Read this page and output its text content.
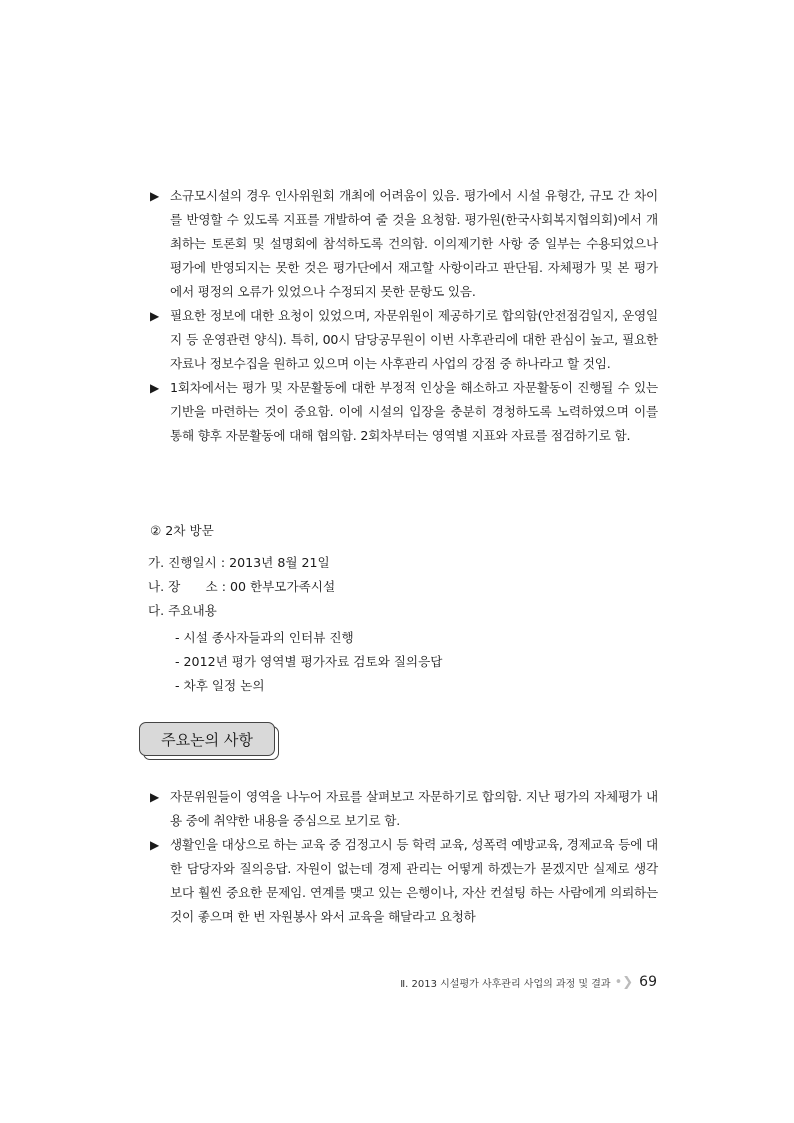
▶ 소규모시설의 경우 인사위원회 개최에 어려움이 있음. 평가에서 시설 유형간, 규모 간 차이를 반영할 수 있도록 지표를 개발하여 줄 것을 요청함. 평가원(한국사회복지협의회)에서 개최하는 토론회 및 설명회에 참석하도록 건의함. 이의제기한 사항 중 일부는 수용되었으나 평가에 반영되지는 못한 것은 평가단에서 재고할 사항이라고 판단됨. 자체평가 및 본 평가에서 평정의 오류가 있었으나 수정되지 못한 문항도 있음.
▶ 필요한 정보에 대한 요청이 있었으며, 자문위원이 제공하기로 합의함(안전점검일지, 운영일지 등 운영관련 양식). 특히, 00시 담당공무원이 이번 사후관리에 대한 관심이 높고, 필요한 자료나 정보수집을 원하고 있으며 이는 사후관리 사업의 강점 중 하나라고 할 것임.
▶ 1회차에서는 평가 및 자문활동에 대한 부정적 인상을 해소하고 자문활동이 진행될 수 있는 기반을 마련하는 것이 중요함. 이에 시설의 입장을 충분히 경청하도록 노력하였으며 이를 통해 향후 자문활동에 대해 협의함. 2회차부터는 영역별 지표와 자료를 점검하기로 함.
② 2차 방문
가. 진행일시 : 2013년 8월 21일
나. 장　　소 : 00 한부모가족시설
다. 주요내용
- 시설 종사자들과의 인터뷰 진행
- 2012년 평가 영역별 평가자료 검토와 질의응답
- 차후 일정 논의
주요논의 사항
▶ 자문위원들이 영역을 나누어 자료를 살펴보고 자문하기로 합의함. 지난 평가의 자체평가 내용 중에 취약한 내용을 중심으로 보기로 함.
▶ 생활인을 대상으로 하는 교육 중 검정고시 등 학력 교육, 성폭력 예방교육, 경제교육 등에 대한 담당자와 질의응답. 자원이 없는데 경제 관리는 어떻게 하겠는가 묻겠지만 실제로 생각보다 훨씬 중요한 문제임. 연계를 맺고 있는 은행이나, 자산 컨설팅 하는 사람에게 의뢰하는 것이 좋으며 한 번 자원봉사 와서 교육을 해달라고 요청하
Ⅱ. 2013 시설평가 사후관리 사업의 과정 및 결과 •❯ 69
